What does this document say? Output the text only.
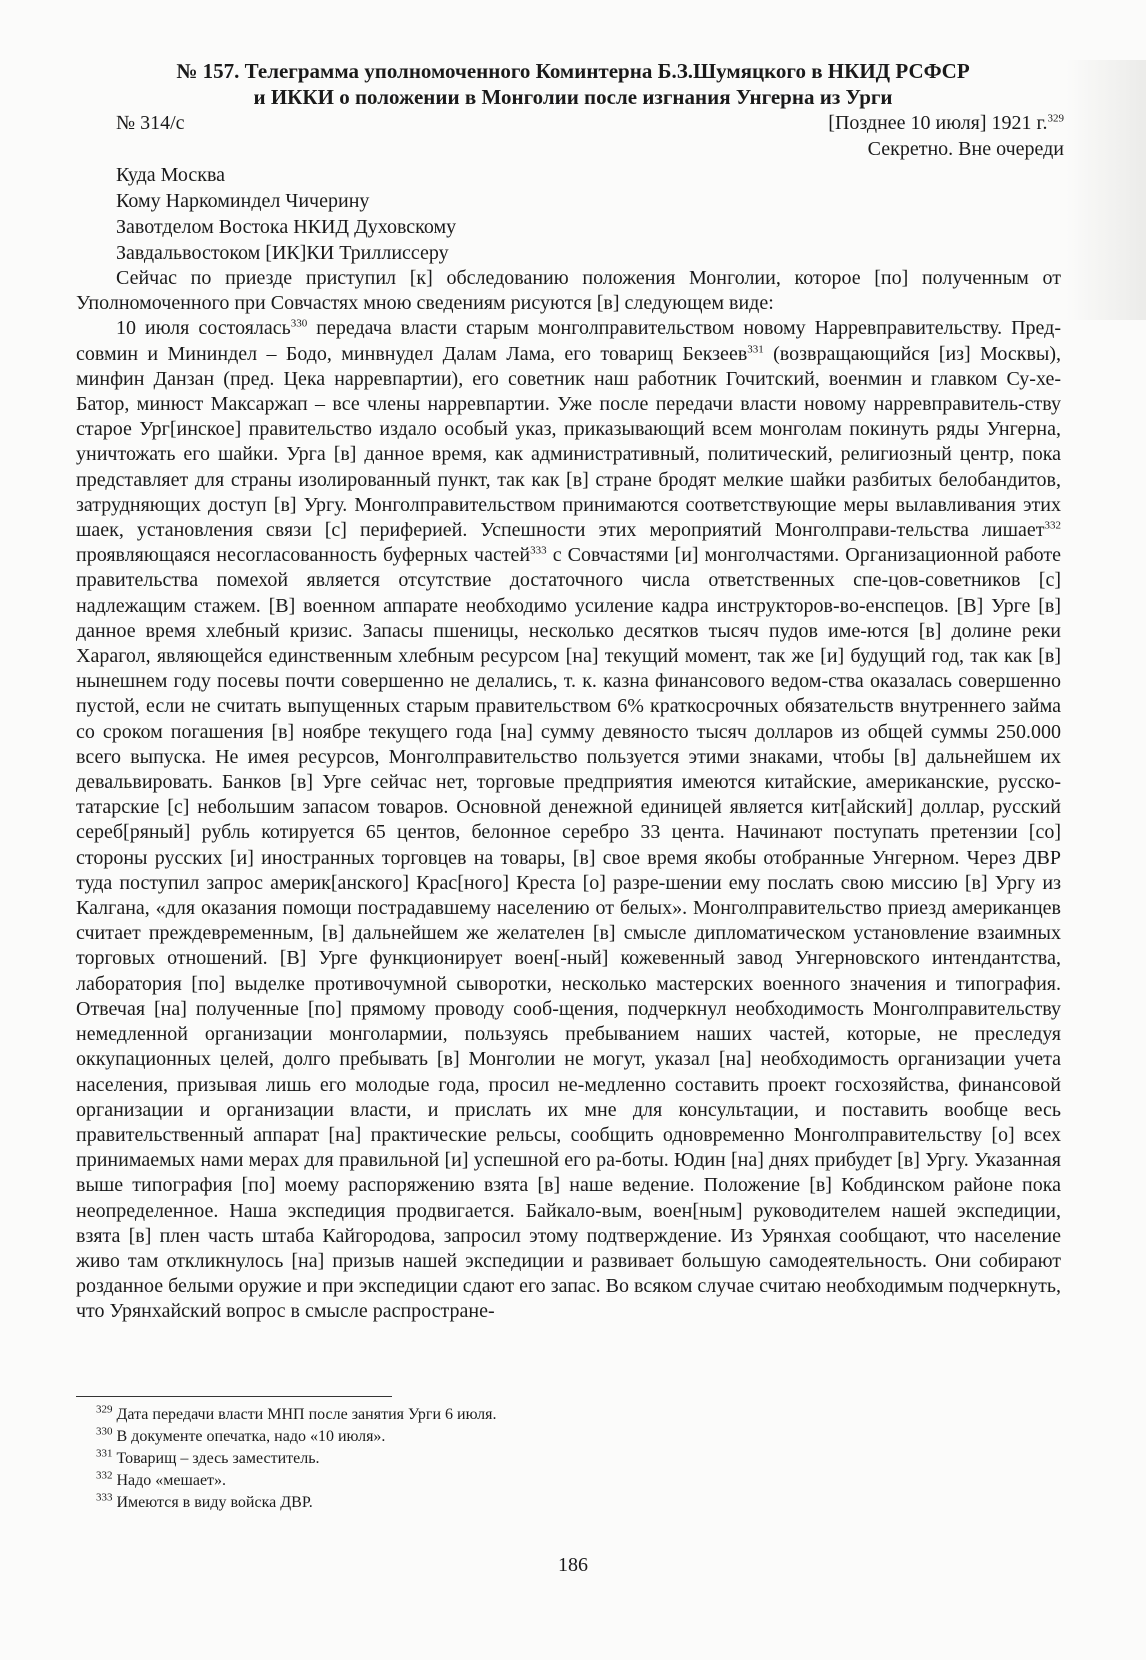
№ 157. Телеграмма уполномоченного Коминтерна Б.З.Шумяцкого в НКИД РСФСР
и ИККИ о положении в Монголии после изгнания Унгерна из Урги
№ 314/с	[Позднее 10 июля] 1921 г.$^{329}$
Секретно. Вне очереди
Куда Москва
Кому Наркоминдел Чичерину
Завотделом Востока НКИД Духовскому
Завдальвостоком [ИК]КИ Триллиссеру

Сейчас по приезде приступил [к] обследованию положения Монголии, которое [по] полученным от Уполномоченного при Совчастях мною сведениям рисуются [в] следующем виде:

10 июля состоялась$^{330}$ передача власти старым монголправительством новому Нарревправительству. Пред-совмин и Мининдел – Бодо, минвнудел Далам Лама, его товарищ Бекзеев$^{331}$ (возвращающийся [из] Москвы), минфин Данзан (пред. Цека нарревпартии), его советник наш работник Гочитский, военмин и главком Су-хе-Батор, минюст Максаржап – все члены нарревпартии. Уже после передачи власти новому нарревправитель-ству старое Ург[инское] правительство издало особый указ, приказывающий всем монголам покинуть ряды Унгерна, уничтожать его шайки. Урга [в] данное время, как административный, политический, религиозный центр, пока представляет для страны изолированный пункт, так как [в] стране бродят мелкие шайки разбитых белобандитов, затрудняющих доступ [в] Ургу. Монголправительством принимаются соответствующие меры вылавливания этих шаек, установления связи [с] периферией. Успешности этих мероприятий Монголправи-тельства лишает$^{332}$ проявляющаяся несогласованность буферных частей$^{333}$ с Совчастями [и] монголчастями. Организационной работе правительства помехой является отсутствие достаточного числа ответственных спе-цов-советников [с] надлежащим стажем. [В] военном аппарате необходимо усиление кадра инструкторов-во-енспецов. [В] Урге [в] данное время хлебный кризис. Запасы пшеницы, несколько десятков тысяч пудов име-ются [в] долине реки Харагол, являющейся единственным хлебным ресурсом [на] текущий момент, так же [и] будущий год, так как [в] нынешнем году посевы почти совершенно не делались, т. к. казна финансового ведом-ства оказалась совершенно пустой, если не считать выпущенных старым правительством 6% краткосрочных обязательств внутреннего займа со сроком погашения [в] ноябре текущего года [на] сумму девяносто тысяч долларов из общей суммы 250.000 всего выпуска. Не имея ресурсов, Монголправительство пользуется этими знаками, чтобы [в] дальнейшем их девальвировать. Банков [в] Урге сейчас нет, торговые предприятия имеются китайские, американские, русско-татарские [с] небольшим запасом товаров. Основной денежной единицей является кит[айский] доллар, русский сереб[ряный] рубль котируется 65 центов, белонное серебро 33 цента. Начинают поступать претензии [со] стороны русских [и] иностранных торговцев на товары, [в] свое время якобы отобранные Унгерном. Через ДВР туда поступил запрос америк[анского] Крас[ного] Креста [о] разре-шении ему послать свою миссию [в] Ургу из Калгана, «для оказания помощи пострадавшему населению от белых». Монголправительство приезд американцев считает преждевременным, [в] дальнейшем же желателен [в] смысле дипломатическом установление взаимных торговых отношений. [В] Урге функционирует воен[-ный] кожевенный завод Унгерновского интендантства, лаборатория [по] выделке противочумной сыворотки, несколько мастерских военного значения и типография. Отвечая [на] полученные [по] прямому проводу сооб-щения, подчеркнул необходимость Монголправительству немедленной организации монголармии, пользуясь пребыванием наших частей, которые, не преследуя оккупационных целей, долго пребывать [в] Монголии не могут, указал [на] необходимость организации учета населения, призывая лишь его молодые года, просил не-медленно составить проект госхозяйства, финансовой организации и организации власти, и прислать их мне для консультации, и поставить вообще весь правительственный аппарат [на] практические рельсы, сообщить одновременно Монголправительству [о] всех принимаемых нами мерах для правильной [и] успешной его ра-боты. Юдин [на] днях прибудет [в] Ургу. Указанная выше типография [по] моему распоряжению взята [в] наше ведение. Положение [в] Кобдинском районе пока неопределенное. Наша экспедиция продвигается. Байкало-вым, воен[ным] руководителем нашей экспедиции, взята [в] плен часть штаба Кайгородова, запросил этому подтверждение. Из Урянхая сообщают, что население живо там откликнулось [на] призыв нашей экспедиции и развивает большую самодеятельность. Они собирают розданное белыми оружие и при экспедиции сдают его запас. Во всяком случае считаю необходимым подчеркнуть, что Урянхайский вопрос в смысле распростране-

$^{329}$ Дата передачи власти МНП после занятия Урги 6 июля.
$^{330}$ В документе опечатка, надо «10 июля».
$^{331}$ Товарищ – здесь заместитель.
$^{332}$ Надо «мешает».
$^{333}$ Имеются в виду войска ДВР.
186
